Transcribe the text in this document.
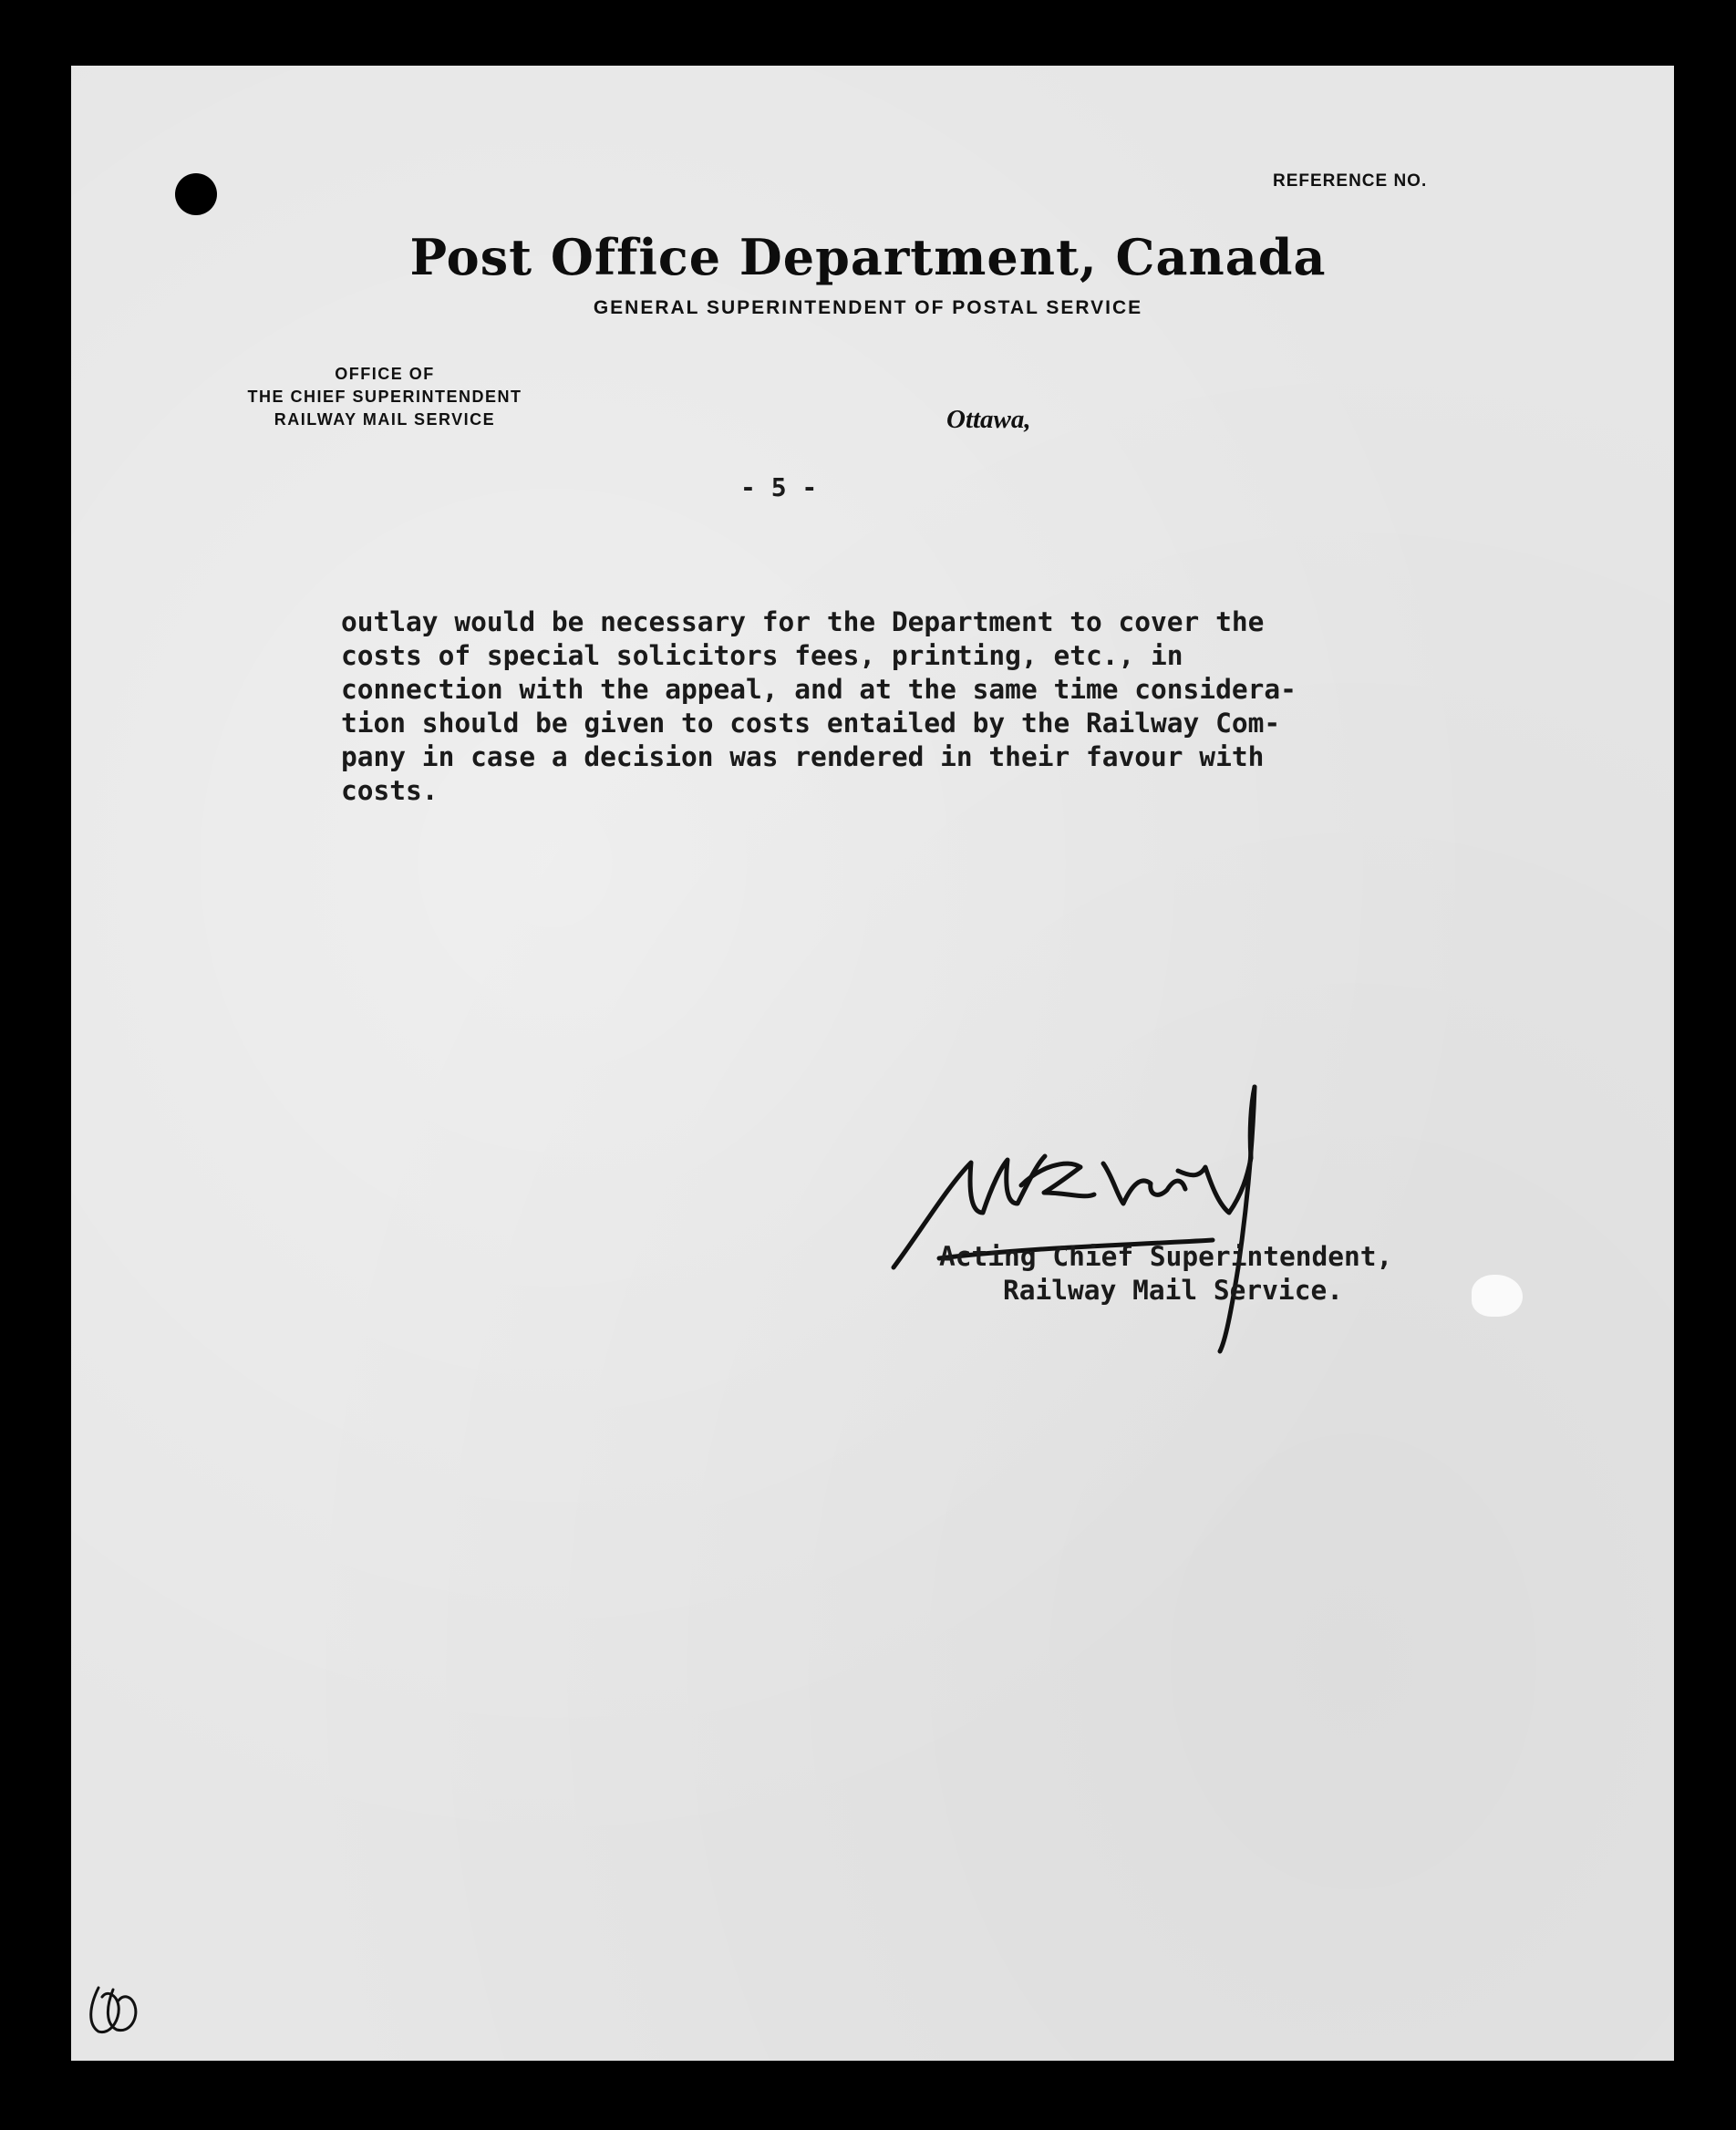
REFERENCE NO.
Post Office Department, Canada
GENERAL SUPERINTENDENT OF POSTAL SERVICE
OFFICE OF
THE CHIEF SUPERINTENDENT
RAILWAY MAIL SERVICE	Ottawa,
- 5 -
outlay would be necessary for the Department to cover the
costs of special solicitors fees, printing, etc., in
connection with the appeal, and at the same time considera-
tion should be given to costs entailed by the Railway Com-
pany in case a decision was rendered in their favour with
costs.
Acting Chief Superintendent,
Railway Mail Service.
